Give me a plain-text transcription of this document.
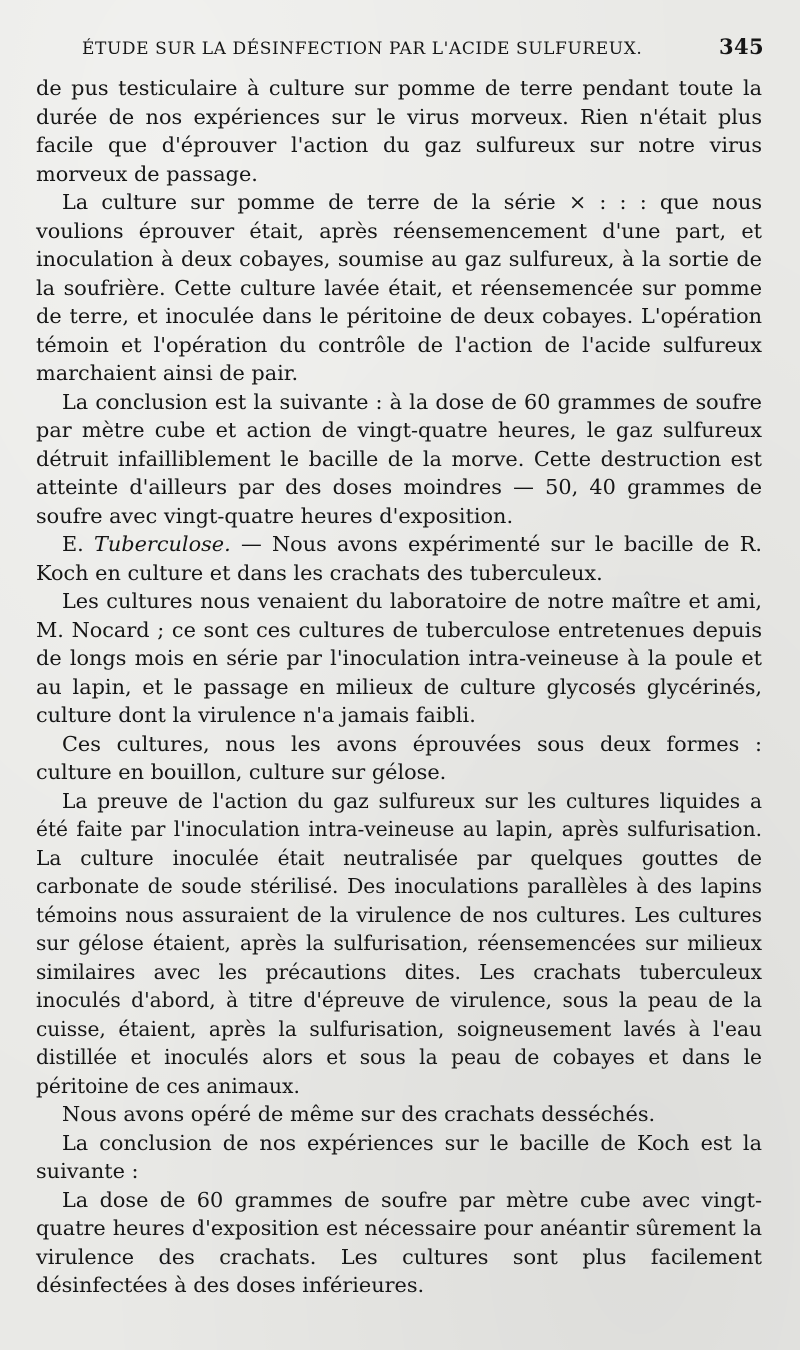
ÉTUDE SUR LA DÉSINFECTION PAR L'ACIDE SULFUREUX.	345

de pus testiculaire à culture sur pomme de terre pendant toute la durée de nos expériences sur le virus morveux. Rien n'était plus facile que d'éprouver l'action du gaz sulfureux sur notre virus morveux de passage.

La culture sur pomme de terre de la série × : : : que nous voulions éprouver était, après réensemencement d'une part, et inoculation à deux cobayes, soumise au gaz sulfureux, à la sortie de la soufrière. Cette culture lavée était, et réensemencée sur pomme de terre, et inoculée dans le péritoine de deux cobayes. L'opération témoin et l'opération du contrôle de l'action de l'acide sulfureux marchaient ainsi de pair.

La conclusion est la suivante : à la dose de 60 grammes de soufre par mètre cube et action de vingt-quatre heures, le gaz sulfureux détruit infailliblement le bacille de la morve. Cette destruction est atteinte d'ailleurs par des doses moindres — 50, 40 grammes de soufre avec vingt-quatre heures d'exposition.

E. Tuberculose. — Nous avons expérimenté sur le bacille de R. Koch en culture et dans les crachats des tuberculeux.

Les cultures nous venaient du laboratoire de notre maître et ami, M. Nocard ; ce sont ces cultures de tuberculose entretenues depuis de longs mois en série par l'inoculation intra-veineuse à la poule et au lapin, et le passage en milieux de culture glycosés glycérinés, culture dont la virulence n'a jamais faibli.

Ces cultures, nous les avons éprouvées sous deux formes : culture en bouillon, culture sur gélose.

La preuve de l'action du gaz sulfureux sur les cultures liquides a été faite par l'inoculation intra-veineuse au lapin, après sulfurisation. La culture inoculée était neutralisée par quelques gouttes de carbonate de soude stérilisé. Des inoculations parallèles à des lapins témoins nous assuraient de la virulence de nos cultures. Les cultures sur gélose étaient, après la sulfurisation, réensemencées sur milieux similaires avec les précautions dites. Les crachats tuberculeux inoculés d'abord, à titre d'épreuve de virulence, sous la peau de la cuisse, étaient, après la sulfurisation, soigneusement lavés à l'eau distillée et inoculés alors et sous la peau de cobayes et dans le péritoine de ces animaux.

Nous avons opéré de même sur des crachats desséchés.

La conclusion de nos expériences sur le bacille de Koch est la suivante :

La dose de 60 grammes de soufre par mètre cube avec vingt-quatre heures d'exposition est nécessaire pour anéantir sûrement la virulence des crachats. Les cultures sont plus facilement désinfectées à des doses inférieures.
